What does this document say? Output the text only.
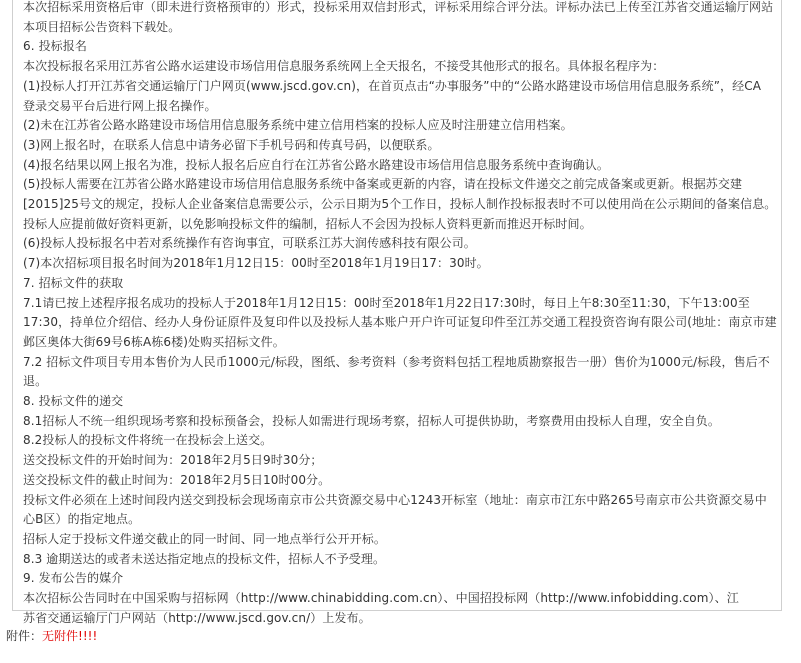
本次招标采用资格后审（即未进行资格预审的）形式，投标采用双信封形式，评标采用综合评分法。评标办法已上传至江苏省交通运输厅网站
本项目招标公告资料下载处。
6. 投标报名
本次投标报名采用江苏省公路水运建设市场信用信息服务系统网上全天报名，不接受其他形式的报名。具体报名程序为：
(1)投标人打开江苏省交通运输厅门户网页(www.jscd.gov.cn)，在首页点击“办事服务”中的“公路水路建设市场信用信息服务系统”，经CA
登录交易平台后进行网上报名操作。
(2)未在江苏省公路水路建设市场信用信息服务系统中建立信用档案的投标人应及时注册建立信用档案。
(3)网上报名时，在联系人信息中请务必留下手机号码和传真号码，以便联系。
(4)报名结果以网上报名为准，投标人报名后应自行在江苏省公路水路建设市场信用信息服务系统中查询确认。
(5)投标人需要在江苏省公路水路建设市场信用信息服务系统中备案或更新的内容，请在投标文件递交之前完成备案或更新。根据苏交建
[2015]25号文的规定，投标人企业备案信息需要公示，公示日期为5个工作日，投标人制作投标报表时不可以使用尚在公示期间的备案信息。
投标人应提前做好资料更新，以免影响投标文件的编制，招标人不会因为投标人资料更新而推迟开标时间。
(6)投标人投标报名中若对系统操作有咨询事宜，可联系江苏大润传感科技有限公司。
(7)本次招标项目报名时间为2018年1月12日15：00时至2018年1月19日17：30时。
7. 招标文件的获取
7.1请已按上述程序报名成功的投标人于2018年1月12日15：00时至2018年1月22日17:30时，每日上午8:30至11:30，下午13:00至
17:30，持单位介绍信、经办人身份证原件及复印件以及投标人基本账户开户许可证复印件至江苏交通工程投资咨询有限公司(地址：南京市建
邺区奥体大街69号6栋A栋6楼)处购买招标文件。
7.2 招标文件项目专用本售价为人民币1000元/标段，图纸、参考资料（参考资料包括工程地质勘察报告一册）售价为1000元/标段，售后不
退。
8. 投标文件的递交
8.1招标人不统一组织现场考察和投标预备会，投标人如需进行现场考察，招标人可提供协助，考察费用由投标人自理，安全自负。
8.2投标人的投标文件将统一在投标会上送交。
送交投标文件的开始时间为：2018年2月5日9时30分；
送交投标文件的截止时间为：2018年2月5日10时00分。
投标文件必须在上述时间段内送交到投标会现场南京市公共资源交易中心1243开标室（地址：南京市江东中路265号南京市公共资源交易中
心B区）的指定地点。
招标人定于投标文件递交截止的同一时间、同一地点举行公开开标。
8.3 逾期送达的或者未送达指定地点的投标文件，招标人不予受理。
9. 发布公告的媒介
本次招标公告同时在中国采购与招标网（http://www.chinabidding.com.cn）、中国招投标网（http://www.infobidding.com）、江
苏省交通运输厅门户网站（http://www.jscd.gov.cn/）上发布。
附件：无附件!!!!
